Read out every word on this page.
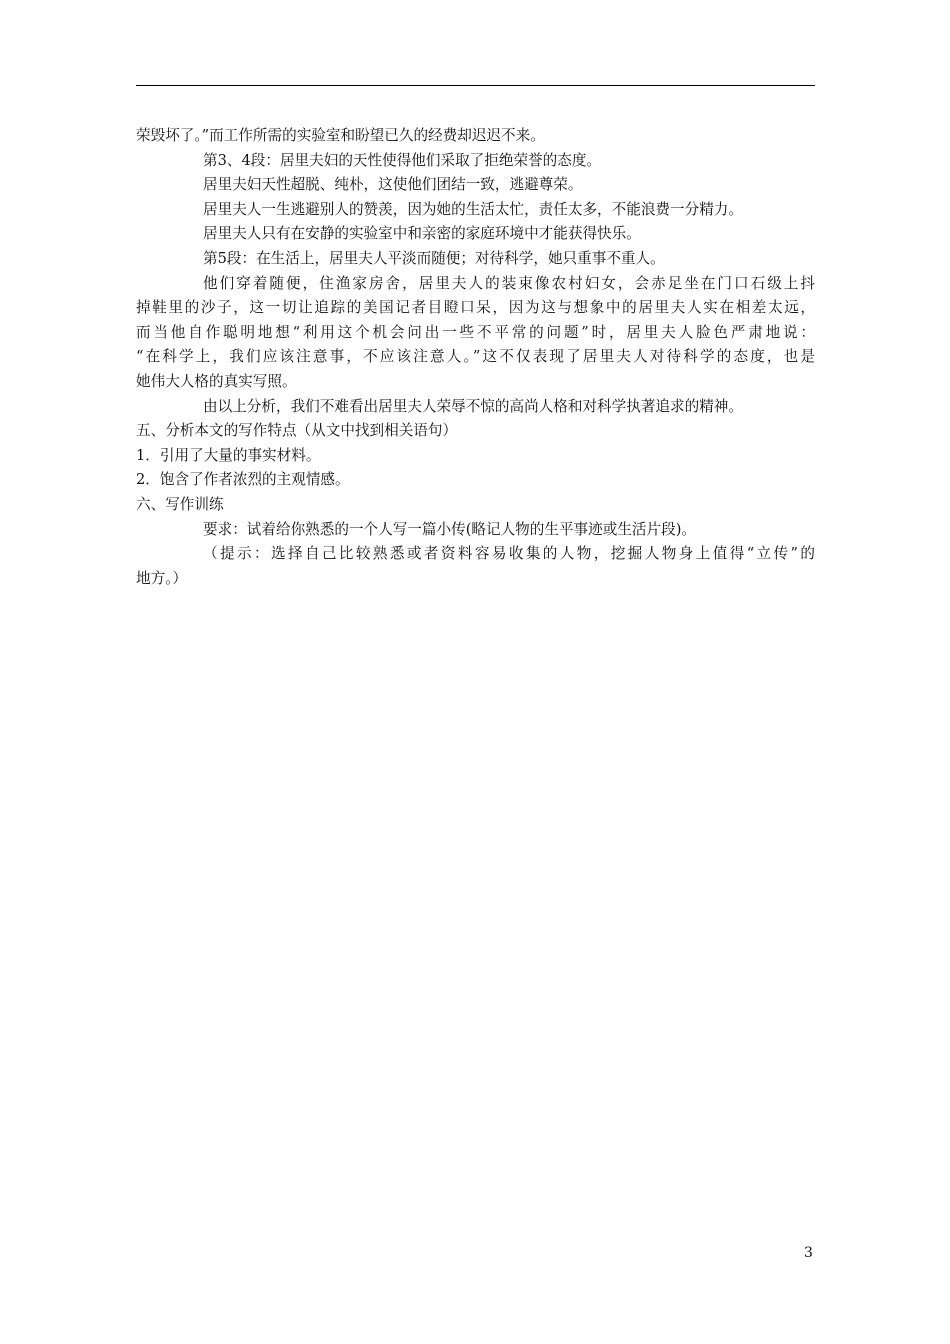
荣毁坏了。”而工作所需的实验室和盼望已久的经费却迟迟不来。
第3、4段：居里夫妇的天性使得他们采取了拒绝荣誉的态度。
居里夫妇天性超脱、纯朴，这使他们团结一致，逃避尊荣。
居里夫人一生逃避别人的赞羡，因为她的生活太忙，责任太多，不能浪费一分精力。
居里夫人只有在安静的实验室中和亲密的家庭环境中才能获得快乐。
第5段：在生活上，居里夫人平淡而随便；对待科学，她只重事不重人。
他们穿着随便，住渔家房舍，居里夫人的装束像农村妇女，会赤足坐在门口石级上抖
掉鞋里的沙子，这一切让追踪的美国记者目瞪口呆，因为这与想象中的居里夫人实在相差太远，
而当他自作聪明地想“利用这个机会问出一些不平常的问题”时，居里夫人脸色严肃地说：
“在科学上，我们应该注意事，不应该注意人。”这不仅表现了居里夫人对待科学的态度，也是
她伟大人格的真实写照。
由以上分析，我们不难看出居里夫人荣辱不惊的高尚人格和对科学执著追求的精神。
五、分析本文的写作特点（从文中找到相关语句）
1．引用了大量的事实材料。
2．饱含了作者浓烈的主观情感。
六、写作训练
要求：试着给你熟悉的一个人写一篇小传(略记人物的生平事迹或生活片段)。
（提示：选择自己比较熟悉或者资料容易收集的人物，挖掘人物身上值得“立传”的
地方。）
3
